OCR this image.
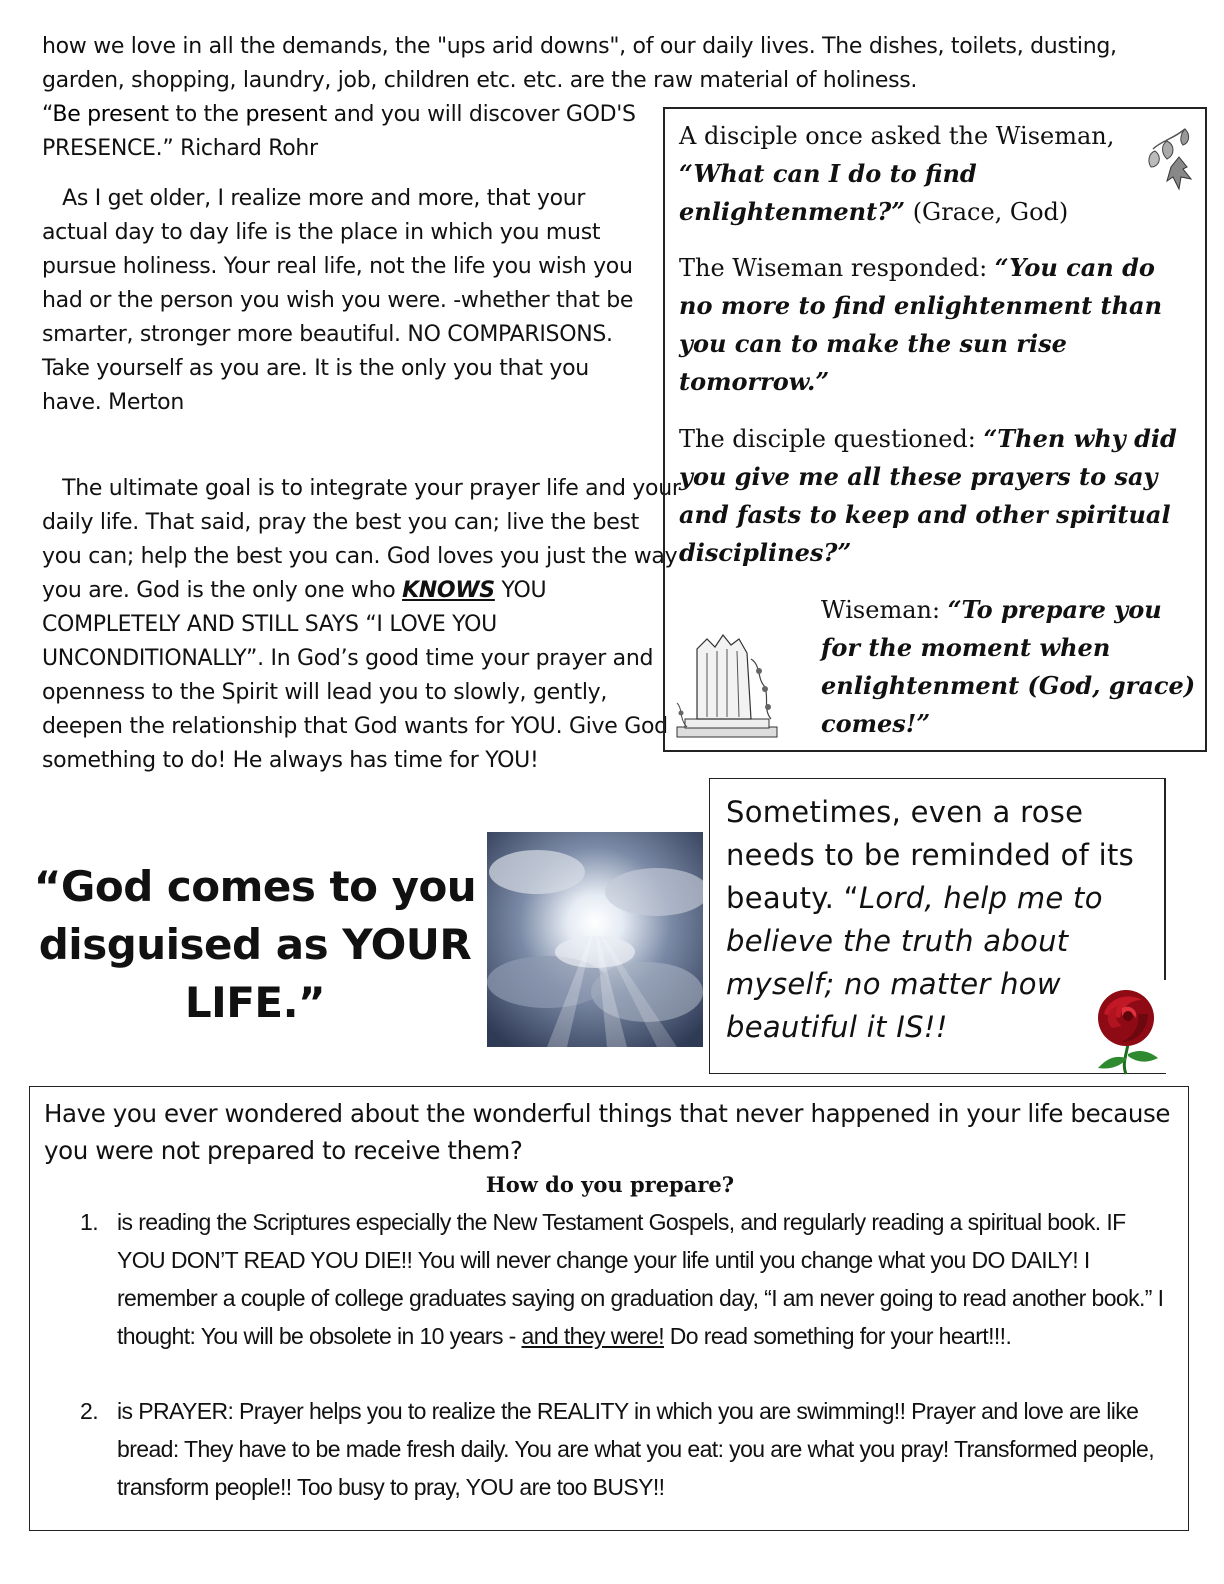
how we love in all the demands, the "ups arid downs", of our daily lives. The dishes, toilets, dusting, garden, shopping, laundry, job, children etc. etc. are the raw material of holiness.
“Be present to the present and you will discover GOD'S PRESENCE.” Richard Rohr
As I get older, I realize more and more, that your actual day to day life is the place in which you must pursue holiness. Your real life, not the life you wish you had or the person you wish you were. -whether that be smarter, stronger more beautiful. NO COMPARISONS. Take yourself as you are. It is the only you that you have. Merton
The ultimate goal is to integrate your prayer life and your daily life. That said, pray the best you can; live the best you can; help the best you can. God loves you just the way you are. God is the only one who KNOWS YOU COMPLETELY AND STILL SAYS “I LOVE YOU UNCONDITIONALLY”. In God’s good time your prayer and openness to the Spirit will lead you to slowly, gently, deepen the relationship that God wants for YOU. Give God something to do! He always has time for YOU!
A disciple once asked the Wiseman, “What can I do to find enlightenment?” (Grace, God)
The Wiseman responded: “You can do no more to find enlightenment than you can to make the sun rise tomorrow.”
The disciple questioned: “Then why did you give me all these prayers to say and fasts to keep and other spiritual disciplines?”
Wiseman: “To prepare you for the moment when enlightenment (God, grace) comes!”
“God comes to you disguised as YOUR LIFE.”
Sometimes, even a rose needs to be reminded of its beauty. “Lord, help me to believe the truth about myself; no matter how beautiful it IS!!
Have you ever wondered about the wonderful things that never happened in your life because you were not prepared to receive them?
How do you prepare?
1. is reading the Scriptures especially the New Testament Gospels, and regularly reading a spiritual book. IF YOU DON’T READ YOU DIE!! You will never change your life until you change what you DO DAILY! I remember a couple of college graduates saying on graduation day, “I am never going to read another book.” I thought: You will be obsolete in 10 years - and they were! Do read something for your heart!!!.
2. is PRAYER: Prayer helps you to realize the REALITY in which you are swimming!! Prayer and love are like bread: They have to be made fresh daily. You are what you eat: you are what you pray! Transformed people, transform people!! Too busy to pray, YOU are too BUSY!!
